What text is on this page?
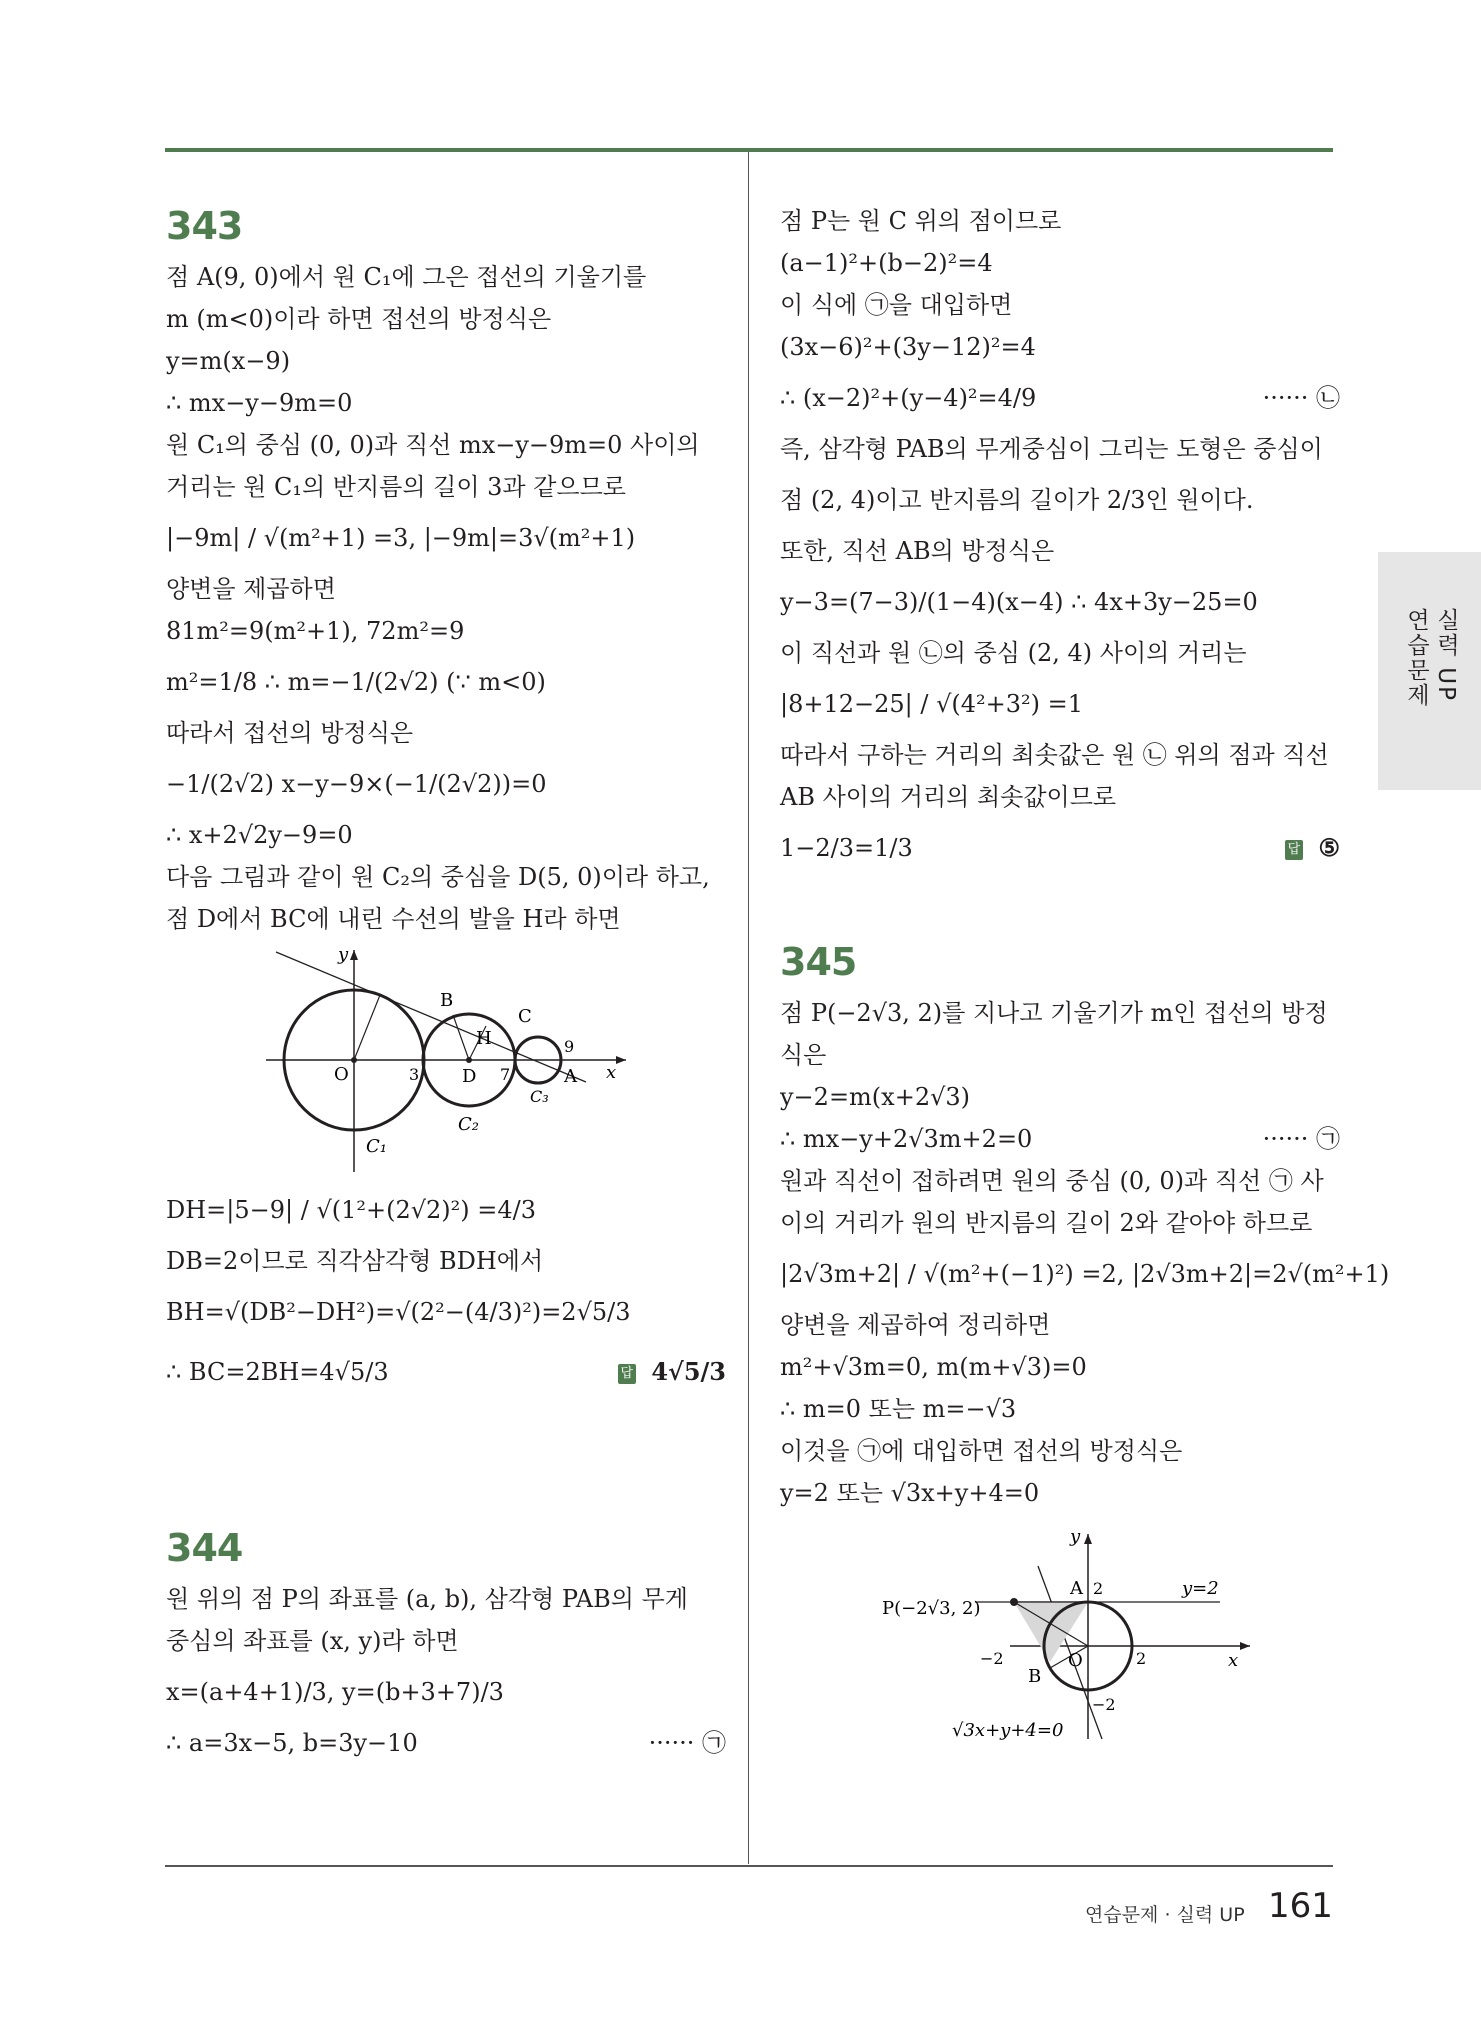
343
점 A(9, 0)에서 원 C₁에 그은 접선의 기울기를
m (m<0)이라 하면 접선의 방정식은
y=m(x−9)
∴ mx−y−9m=0
원 C₁의 중심 (0, 0)과 직선 mx−y−9m=0 사이의
거리는 원 C₁의 반지름의 길이 3과 같으므로
|−9m| / √(m²+1) =3, |−9m|=3√(m²+1)
양변을 제곱하면
81m²=9(m²+1), 72m²=9
m²=1/8 ∴ m=−1/(2√2) (∵ m<0)
따라서 접선의 방정식은
−1/(2√2) x−y−9×(−1/(2√2))=0
∴ x+2√2y−9=0
다음 그림과 같이 원 C₂의 중심을 D(5, 0)이라 하고,
점 D에서 BC에 내린 수선의 발을 H라 하면
y
x
O	3 D 7
9
A
B
C
H
C₁
C₂
C₃
DH=|5−9| / √(1²+(2√2)²) =4/3
DB=2이므로 직각삼각형 BDH에서
BH=√(DB²−DH²)=√(2²−(4/3)²)=2√5/3
∴ BC=2BH=4√5/3	답 4√5/3
344
원 위의 점 P의 좌표를 (a, b), 삼각형 PAB의 무게
중심의 좌표를 (x, y)라 하면
x=(a+4+1)/3, y=(b+3+7)/3
∴ a=3x−5, b=3y−10	······ ㉠
점 P는 원 C 위의 점이므로
(a−1)²+(b−2)²=4
이 식에 ㉠을 대입하면
(3x−6)²+(3y−12)²=4
∴ (x−2)²+(y−4)²=4/9	······ ㉡
즉, 삼각형 PAB의 무게중심이 그리는 도형은 중심이
점 (2, 4)이고 반지름의 길이가 2/3인 원이다.
또한, 직선 AB의 방정식은
y−3=(7−3)/(1−4)(x−4) ∴ 4x+3y−25=0
이 직선과 원 ㉡의 중심 (2, 4) 사이의 거리는
|8+12−25| / √(4²+3²) =1
따라서 구하는 거리의 최솟값은 원 ㉡ 위의 점과 직선
AB 사이의 거리의 최솟값이므로
1−2/3=1/3	답 ⑤
345
점 P(−2√3, 2)를 지나고 기울기가 m인 접선의 방정
식은
y−2=m(x+2√3)
∴ mx−y+2√3m+2=0	······ ㉠
원과 직선이 접하려면 원의 중심 (0, 0)과 직선 ㉠ 사
이의 거리가 원의 반지름의 길이 2와 같아야 하므로
|2√3m+2| / √(m²+(−1)²) =2, |2√3m+2|=2√(m²+1)
양변을 제곱하여 정리하면
m²+√3m=0, m(m+√3)=0
∴ m=0 또는 m=−√3
이것을 ㉠에 대입하면 접선의 방정식은
y=2 또는 √3x+y+4=0
y
x
A 2	y=2
P(−2√3, 2)
−2	O	2
B
−2
√3x+y+4=0
실력 UP
연습문제
연습문제 · 실력 UP 161
